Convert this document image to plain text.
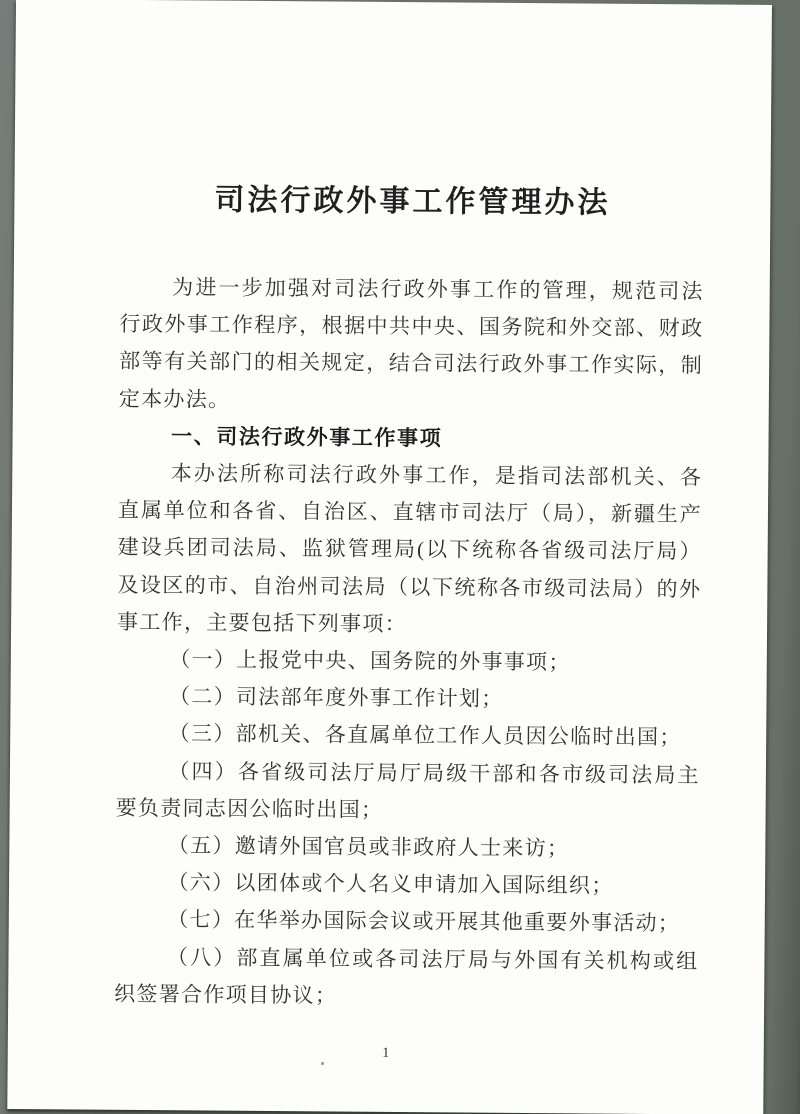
司法行政外事工作管理办法

为进一步加强对司法行政外事工作的管理，规范司法行政外事工作程序，根据中共中央、国务院和外交部、财政部等有关部门的相关规定，结合司法行政外事工作实际，制定本办法。

一、司法行政外事工作事项

本办法所称司法行政外事工作，是指司法部机关、各直属单位和各省、自治区、直辖市司法厅（局），新疆生产建设兵团司法局、监狱管理局(以下统称各省级司法厅局）及设区的市、自治州司法局（以下统称各市级司法局）的外事工作，主要包括下列事项：

（一）上报党中央、国务院的外事事项；

（二）司法部年度外事工作计划；

（三）部机关、各直属单位工作人员因公临时出国；

（四）各省级司法厅局厅局级干部和各市级司法局主要负责同志因公临时出国；

（五）邀请外国官员或非政府人士来访；

（六）以团体或个人名义申请加入国际组织；

（七）在华举办国际会议或开展其他重要外事活动；

（八）部直属单位或各司法厅局与外国有关机构或组织签署合作项目协议；

1
